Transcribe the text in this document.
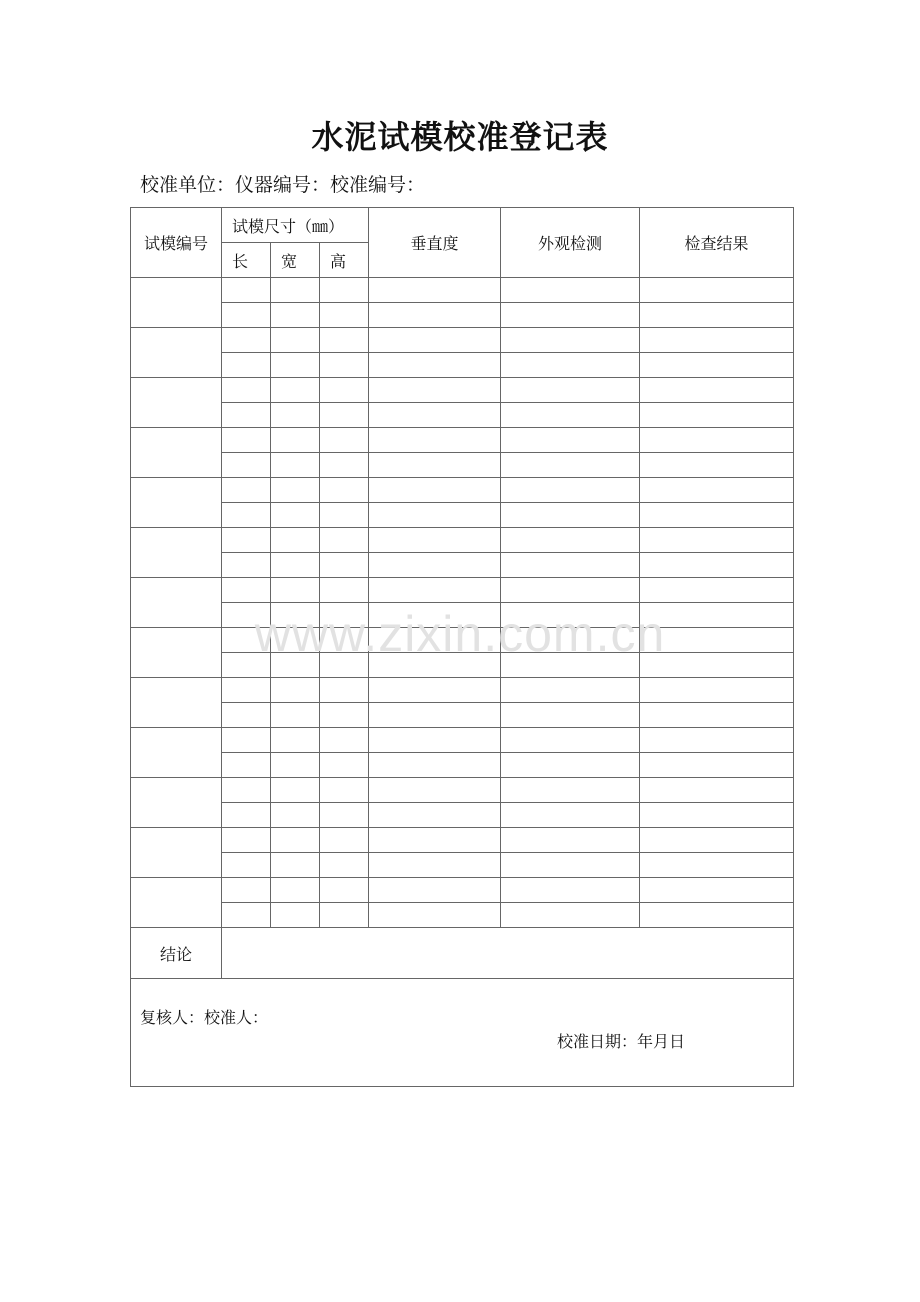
水泥试模校准登记表
校准单位：仪器编号：校准编号：
试模编号	试模尺寸（㎜）			垂直度	外观检测	检查结果
	长	宽	高			

结论						

复核人：校准人：
校准日期：年月日						
www.zixin.com.cn
